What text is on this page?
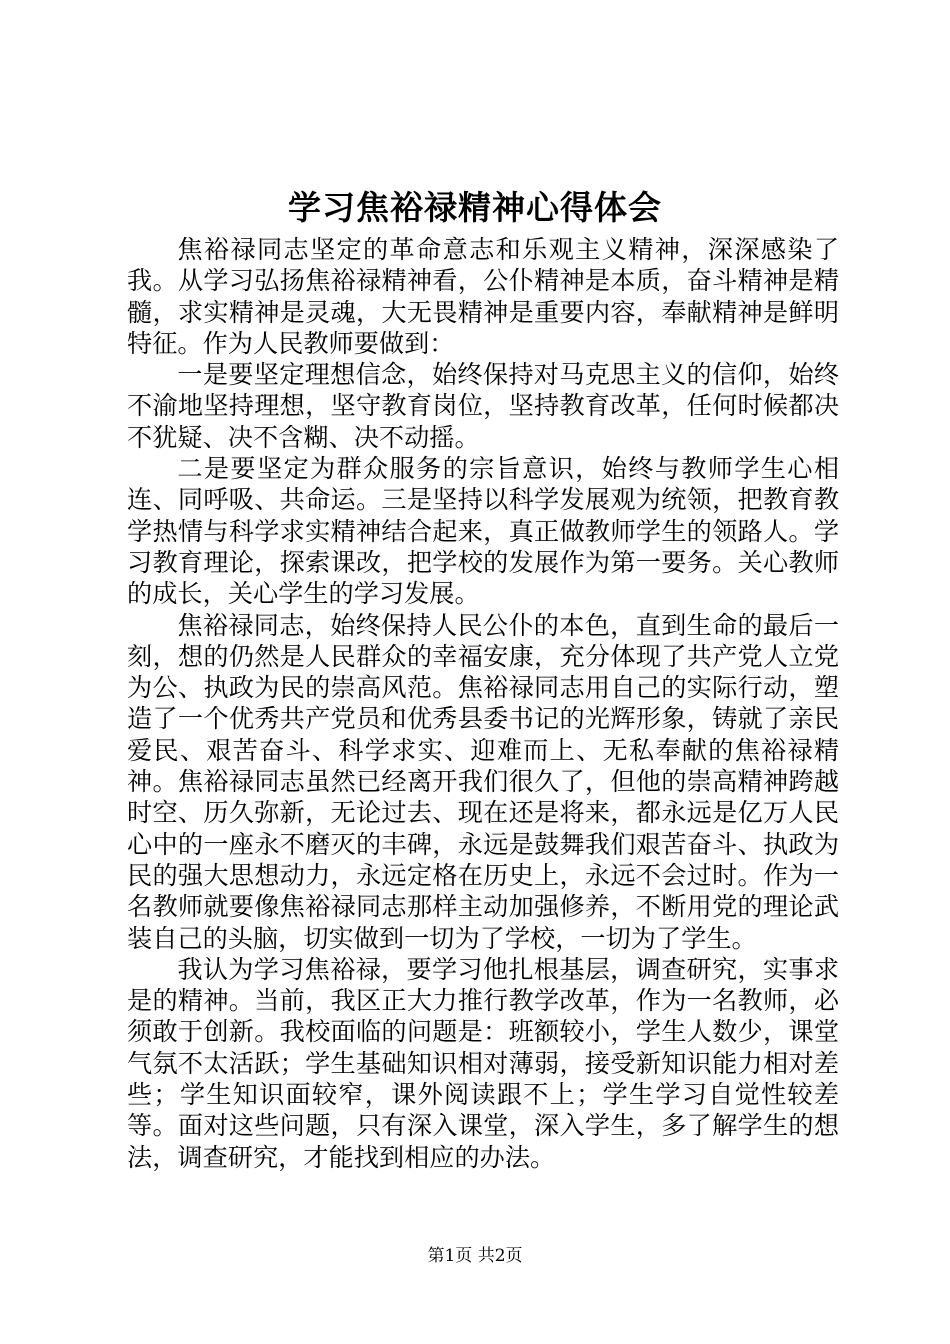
学习焦裕禄精神心得体会

焦裕禄同志坚定的革命意志和乐观主义精神，深深感染了我。从学习弘扬焦裕禄精神看，公仆精神是本质，奋斗精神是精髓，求实精神是灵魂，大无畏精神是重要内容，奉献精神是鲜明特征。作为人民教师要做到：

一是要坚定理想信念，始终保持对马克思主义的信仰，始终不渝地坚持理想，坚守教育岗位，坚持教育改革，任何时候都决不犹疑、决不含糊、决不动摇。

二是要坚定为群众服务的宗旨意识，始终与教师学生心相连、同呼吸、共命运。三是坚持以科学发展观为统领，把教育教学热情与科学求实精神结合起来，真正做教师学生的领路人。学习教育理论，探索课改，把学校的发展作为第一要务。关心教师的成长，关心学生的学习发展。

焦裕禄同志，始终保持人民公仆的本色，直到生命的最后一刻，想的仍然是人民群众的幸福安康，充分体现了共产党人立党为公、执政为民的崇高风范。焦裕禄同志用自己的实际行动，塑造了一个优秀共产党员和优秀县委书记的光辉形象，铸就了亲民爱民、艰苦奋斗、科学求实、迎难而上、无私奉献的焦裕禄精神。焦裕禄同志虽然已经离开我们很久了，但他的崇高精神跨越时空、历久弥新，无论过去、现在还是将来，都永远是亿万人民心中的一座永不磨灭的丰碑，永远是鼓舞我们艰苦奋斗、执政为民的强大思想动力，永远定格在历史上，永远不会过时。作为一名教师就要像焦裕禄同志那样主动加强修养，不断用党的理论武装自己的头脑，切实做到一切为了学校，一切为了学生。

我认为学习焦裕禄，要学习他扎根基层，调查研究，实事求是的精神。当前，我区正大力推行教学改革，作为一名教师，必须敢于创新。我校面临的问题是：班额较小，学生人数少，课堂气氛不太活跃；学生基础知识相对薄弱，接受新知识能力相对差些；学生知识面较窄，课外阅读跟不上；学生学习自觉性较差等。面对这些问题，只有深入课堂，深入学生，多了解学生的想法，调查研究，才能找到相应的办法。

第1页 共2页
